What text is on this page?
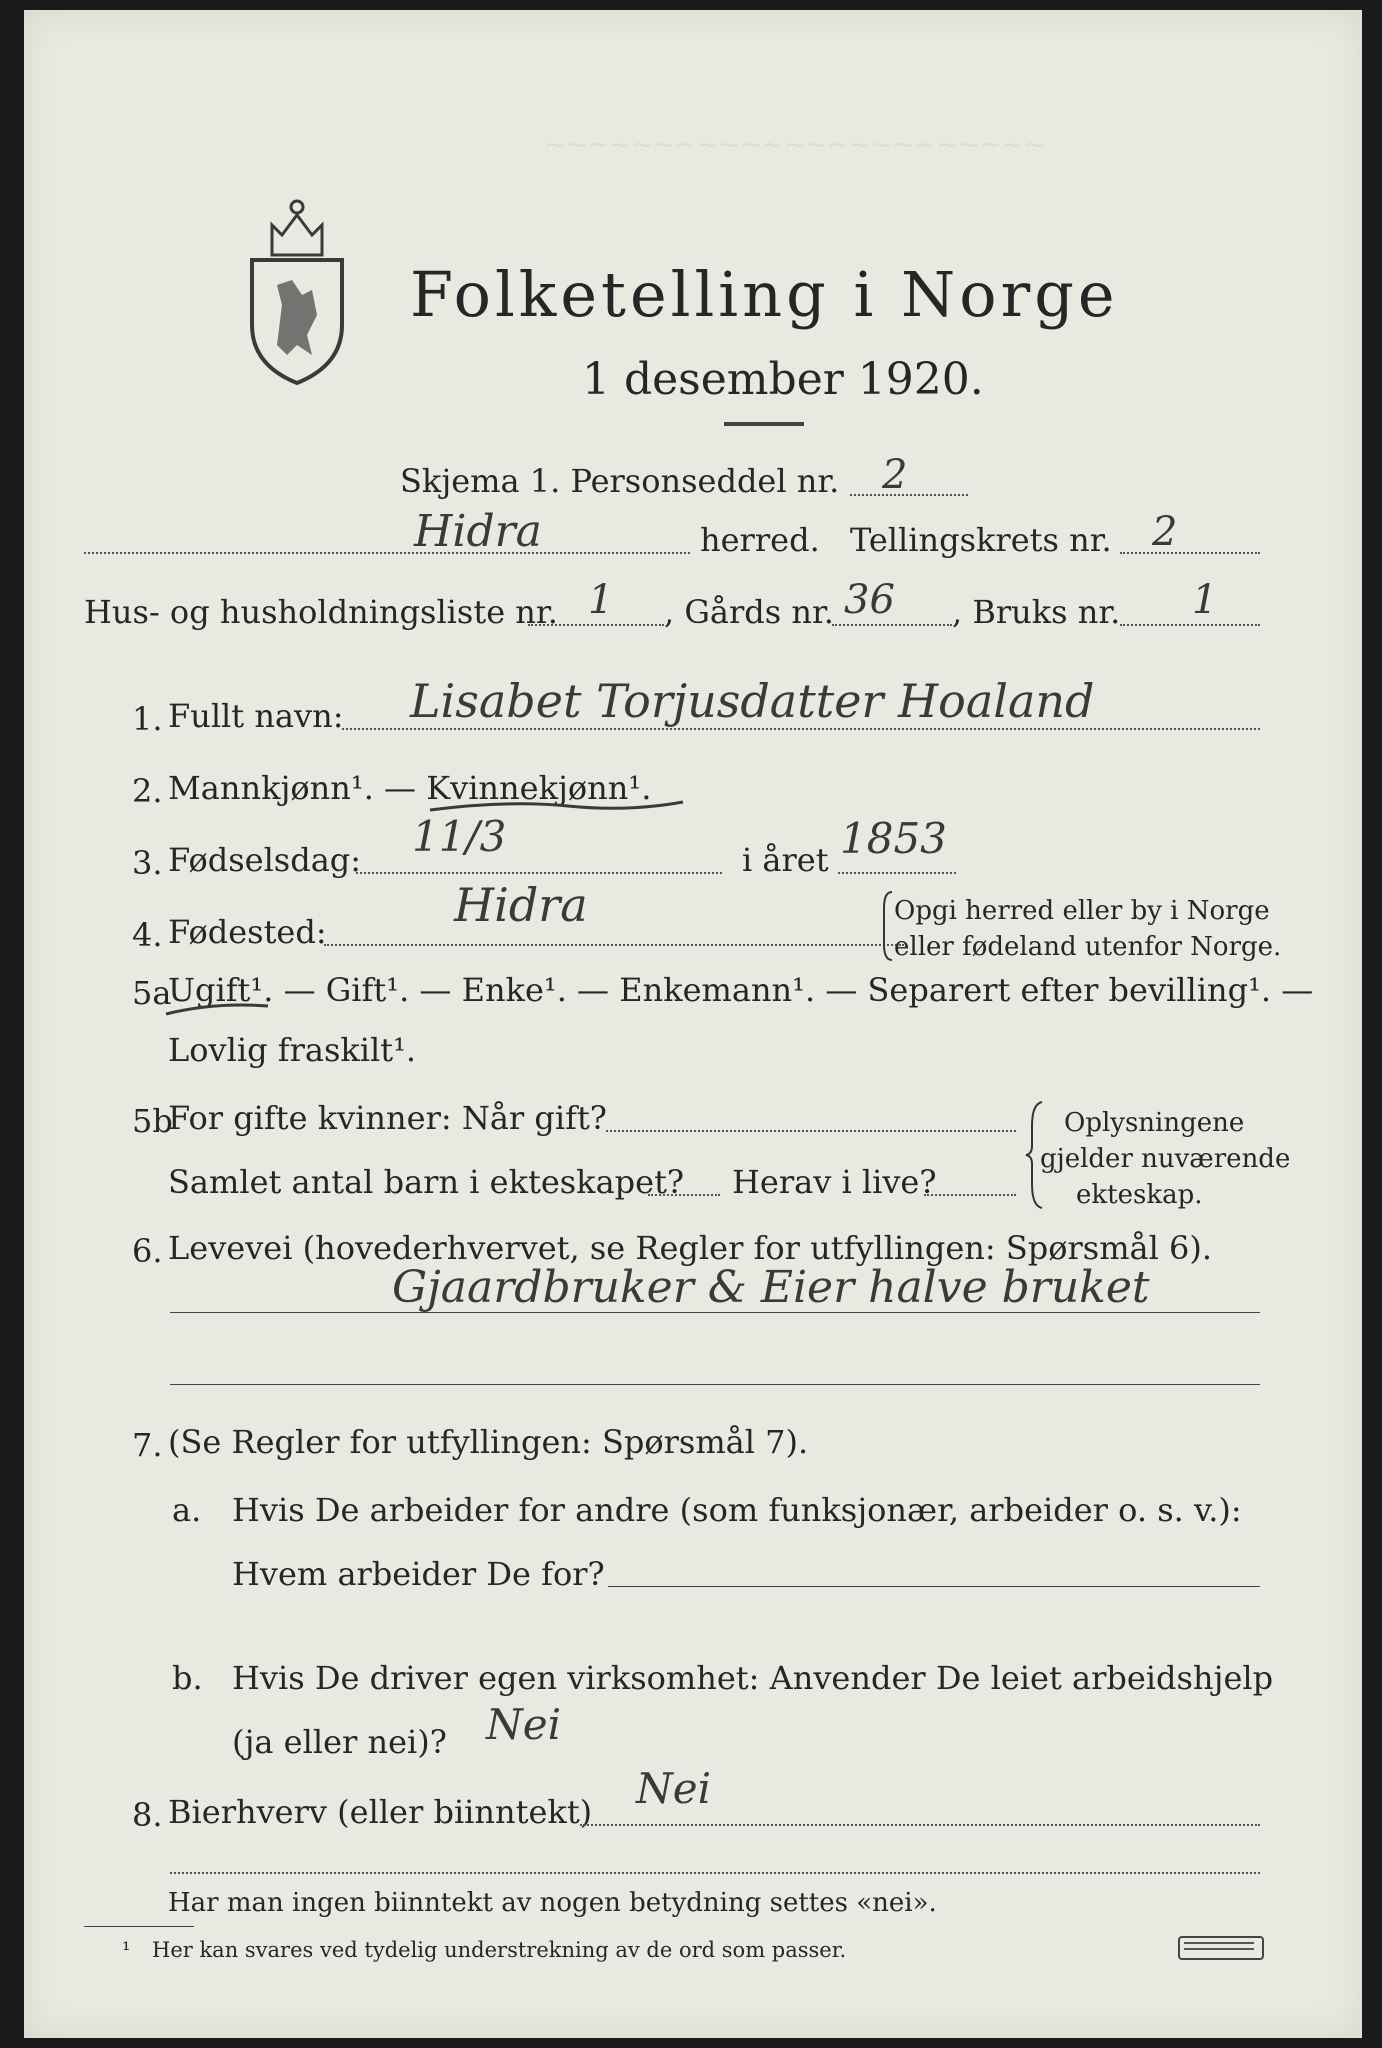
~~~~~~~~~~~~~~~~~~~~~~~
Folketelling i Norge
1 desember 1920.
Skjema 1. Personseddel nr. 2
Hidra	herred. Tellingskrets nr. 2
Hus- og husholdningsliste nr. 1 , Gårds nr. 36 , Bruks nr. 1
1. Fullt navn: Lisabet Torjusdatter Hoaland
2. Mannkjønn¹. — Kvinnekjønn¹.
3. Fødselsdag: 11/3	i året 1853
4. Fødested:	Hidra	Opgi herred eller by i Norge
eller fødeland utenfor Norge.
5a
Ugift¹. — Gift¹. — Enke¹. — Enkemann¹. — Separert efter bevilling¹. —
Lovlig fraskilt¹.
5b
For gifte kvinner: Når gift?
Samlet antal barn i ekteskapet? Herav i live?
Oplysningene
gjelder nuværende
ekteskap.
6. Levevei (hovederhvervet, se Regler for utfyllingen: Spørsmål 6).
Gjaardbruker & Eier halve bruket
7. (Se Regler for utfyllingen: Spørsmål 7).
a. Hvis De arbeider for andre (som funksjonær, arbeider o. s. v.):
Hvem arbeider De for?
b. Hvis De driver egen virksomhet: Anvender De leiet arbeidshjelp
(ja eller nei)? Nei
8. Bierhverv (eller biinntekt) Nei
Har man ingen biinntekt av nogen betydning settes «nei».
¹ Her kan svares ved tydelig understrekning av de ord som passer.
